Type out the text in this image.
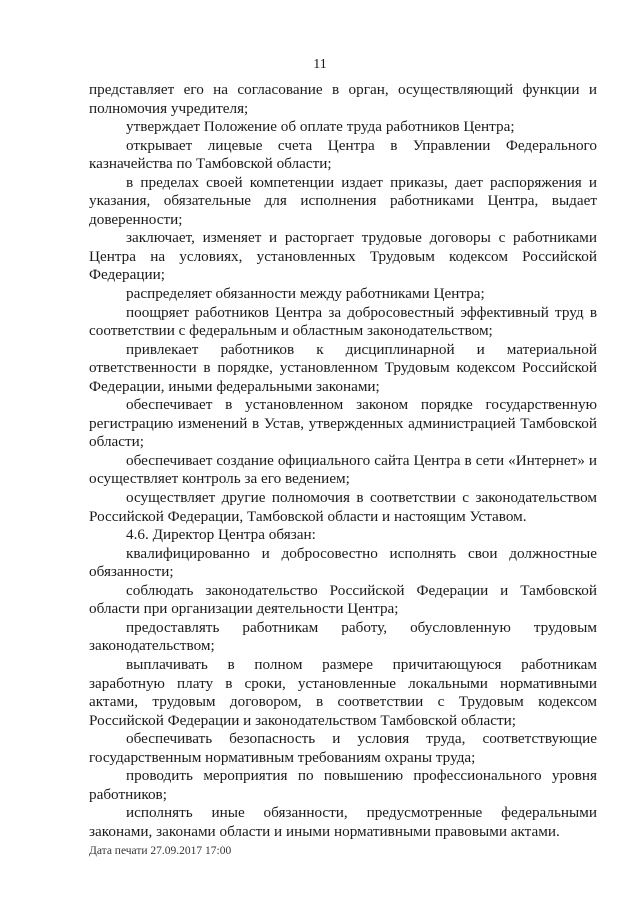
11

представляет его на согласование в орган, осуществляющий функции и полномочия учредителя;

утверждает Положение об оплате труда работников Центра;

открывает лицевые счета Центра в Управлении Федерального казначейства по Тамбовской области;

в пределах своей компетенции издает приказы, дает распоряжения и указания, обязательные для исполнения работниками Центра, выдает доверенности;

заключает, изменяет и расторгает трудовые договоры с работниками Центра на условиях, установленных Трудовым кодексом Российской Федерации;

распределяет обязанности между работниками Центра;

поощряет работников Центра за добросовестный эффективный труд в соответствии с федеральным и областным законодательством;

привлекает работников к дисциплинарной и материальной ответственности в порядке, установленном Трудовым кодексом Российской Федерации, иными федеральными законами;

обеспечивает в установленном законом порядке государственную регистрацию изменений в Устав, утвержденных администрацией Тамбовской области;

обеспечивает создание официального сайта Центра в сети «Интернет» и осуществляет контроль за его ведением;

осуществляет другие полномочия в соответствии с законодательством Российской Федерации, Тамбовской области и настоящим Уставом.

4.6. Директор Центра обязан:

квалифицированно и добросовестно исполнять свои должностные обязанности;

соблюдать законодательство Российской Федерации и Тамбовской области при организации деятельности Центра;

предоставлять работникам работу, обусловленную трудовым законодательством;

выплачивать в полном размере причитающуюся работникам заработную плату в сроки, установленные локальными нормативными актами, трудовым договором, в соответствии с Трудовым кодексом Российской Федерации и законодательством Тамбовской области;

обеспечивать безопасность и условия труда, соответствующие государственным нормативным требованиям охраны труда;

проводить мероприятия по повышению профессионального уровня работников;

исполнять иные обязанности, предусмотренные федеральными законами, законами области и иными нормативными правовыми актами.

Дата печати 27.09.2017 17:00
